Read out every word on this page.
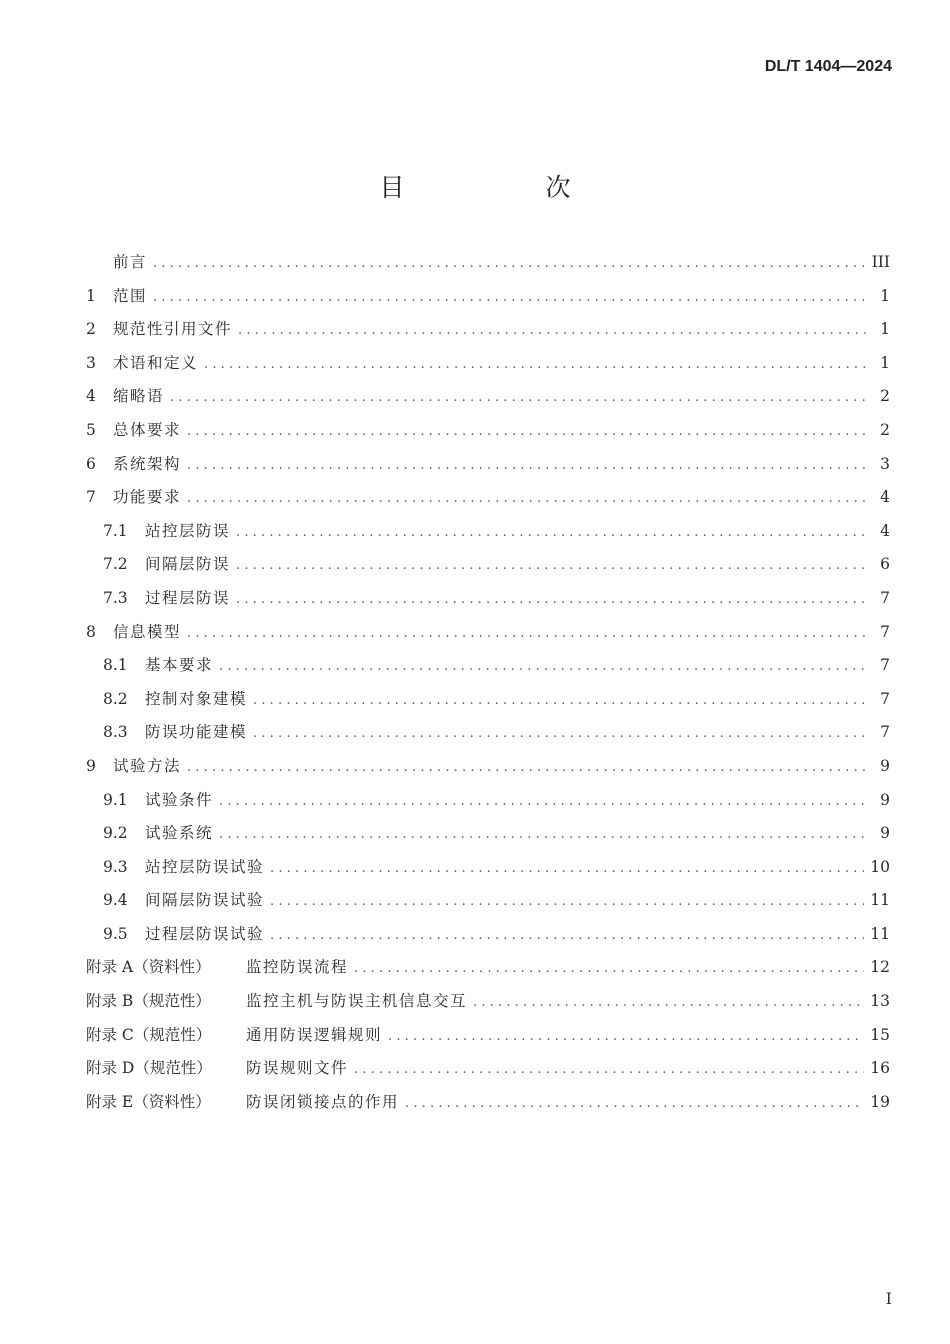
DL/T 1404—2024
目　次
前言 .....	III
1	范围 .....	1
2	规范性引用文件 .....	1
3	术语和定义 .....	1
4	缩略语 .....	2
5	总体要求 .....	2
6	系统架构 .....	3
7	功能要求 .....	4
7.1	站控层防误 .....	4
7.2	间隔层防误 .....	6
7.3	过程层防误 .....	7
8	信息模型 .....	7
8.1	基本要求 .....	7
8.2	控制对象建模 .....	7
8.3	防误功能建模 .....	7
9	试验方法 .....	9
9.1	试验条件 .....	9
9.2	试验系统 .....	9
9.3	站控层防误试验 .....	10
9.4	间隔层防误试验 .....	11
9.5	过程层防误试验 .....	11
附录 A（资料性）	监控防误流程 .....	12
附录 B（规范性）	监控主机与防误主机信息交互 .....	13
附录 C（规范性）	通用防误逻辑规则 .....	15
附录 D（规范性）	防误规则文件 .....	16
附录 E（资料性）	防误闭锁接点的作用 .....	19
I
